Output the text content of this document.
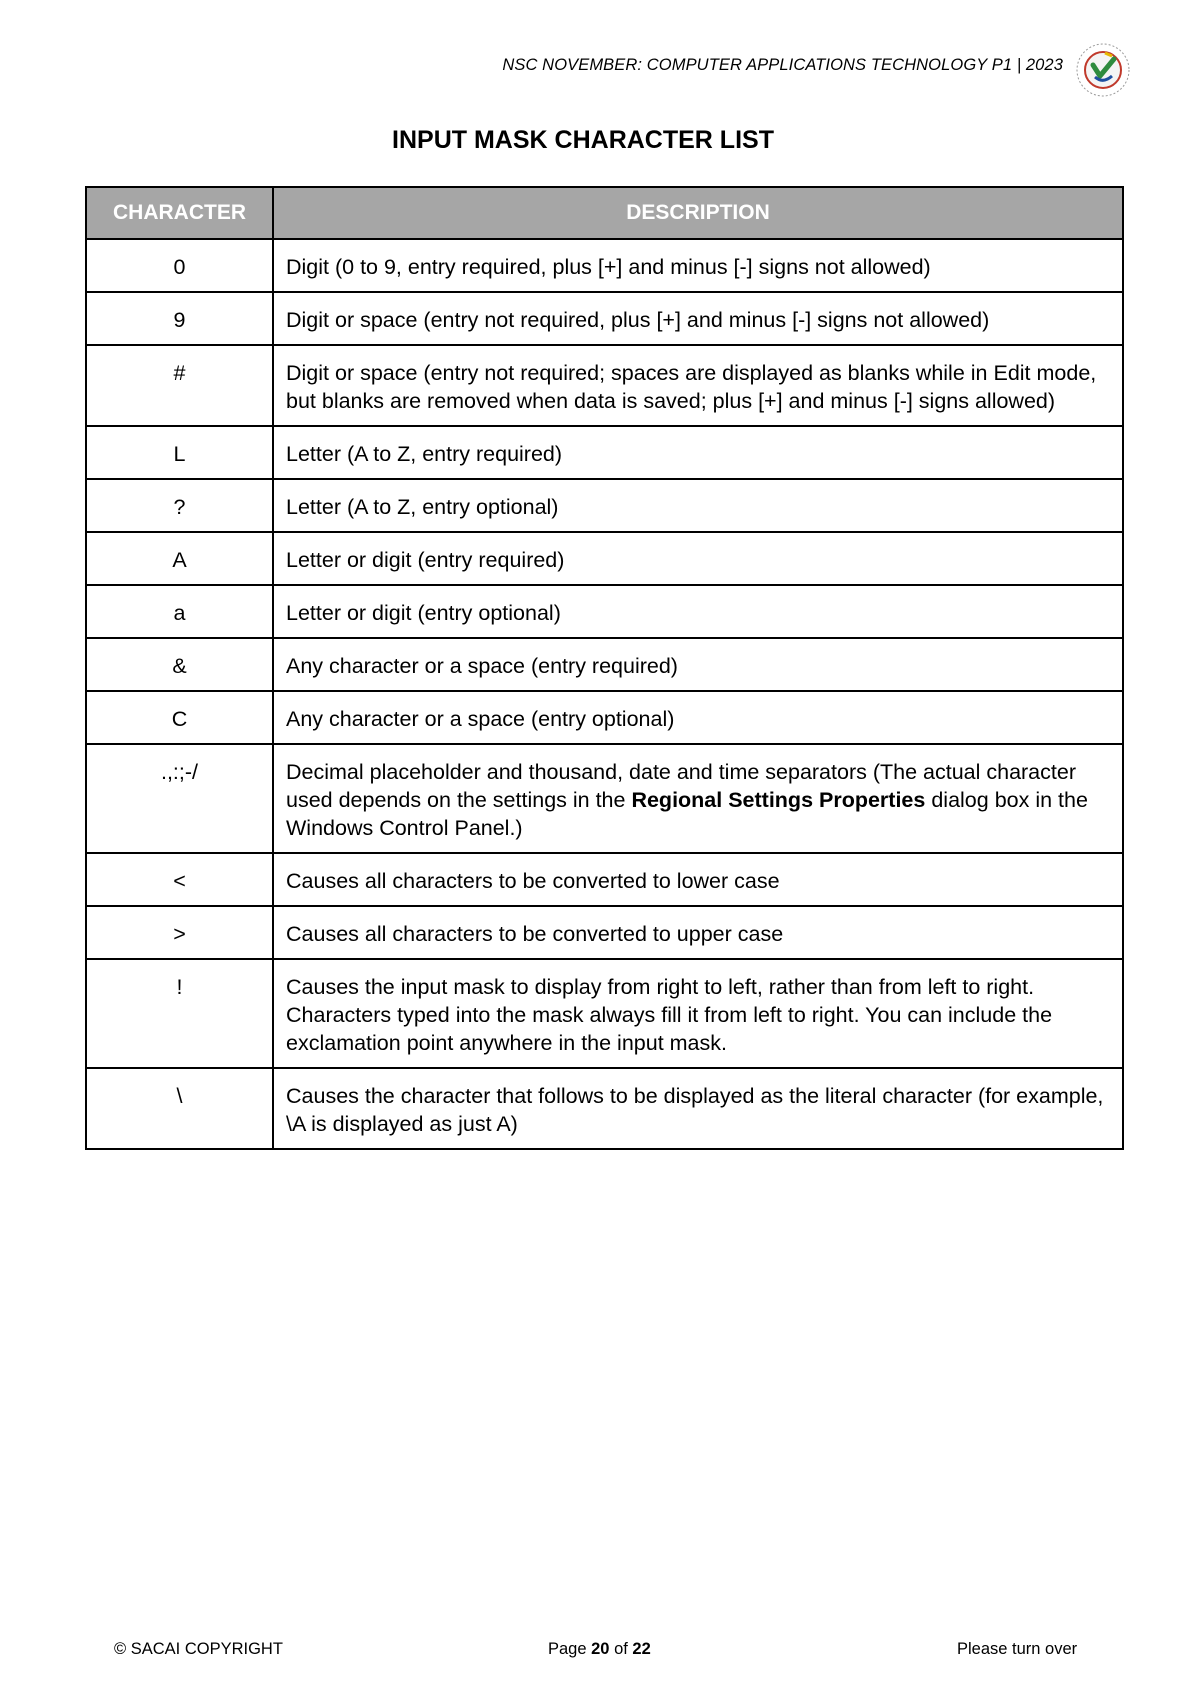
NSC NOVEMBER: COMPUTER APPLICATIONS TECHNOLOGY P1 | 2023
INPUT MASK CHARACTER LIST
CHARACTER	DESCRIPTION
0	Digit (0 to 9, entry required, plus [+] and minus [-] signs not allowed)
9	Digit or space (entry not required, plus [+] and minus [-] signs not allowed)
#	Digit or space (entry not required; spaces are displayed as blanks while in Edit mode, but blanks are removed when data is saved; plus [+] and minus [-] signs allowed)
L	Letter (A to Z, entry required)
?	Letter (A to Z, entry optional)
A	Letter or digit (entry required)
a	Letter or digit (entry optional)
&	Any character or a space (entry required)
C	Any character or a space (entry optional)
.,:;-/	Decimal placeholder and thousand, date and time separators (The actual character used depends on the settings in the Regional Settings Properties dialog box in the Windows Control Panel.)
<	Causes all characters to be converted to lower case
>	Causes all characters to be converted to upper case
!	Causes the input mask to display from right to left, rather than from left to right. Characters typed into the mask always fill it from left to right. You can include the exclamation point anywhere in the input mask.
\	Causes the character that follows to be displayed as the literal character (for example, \A is displayed as just A)
© SACAI COPYRIGHT	Page 20 of 22	Please turn over
